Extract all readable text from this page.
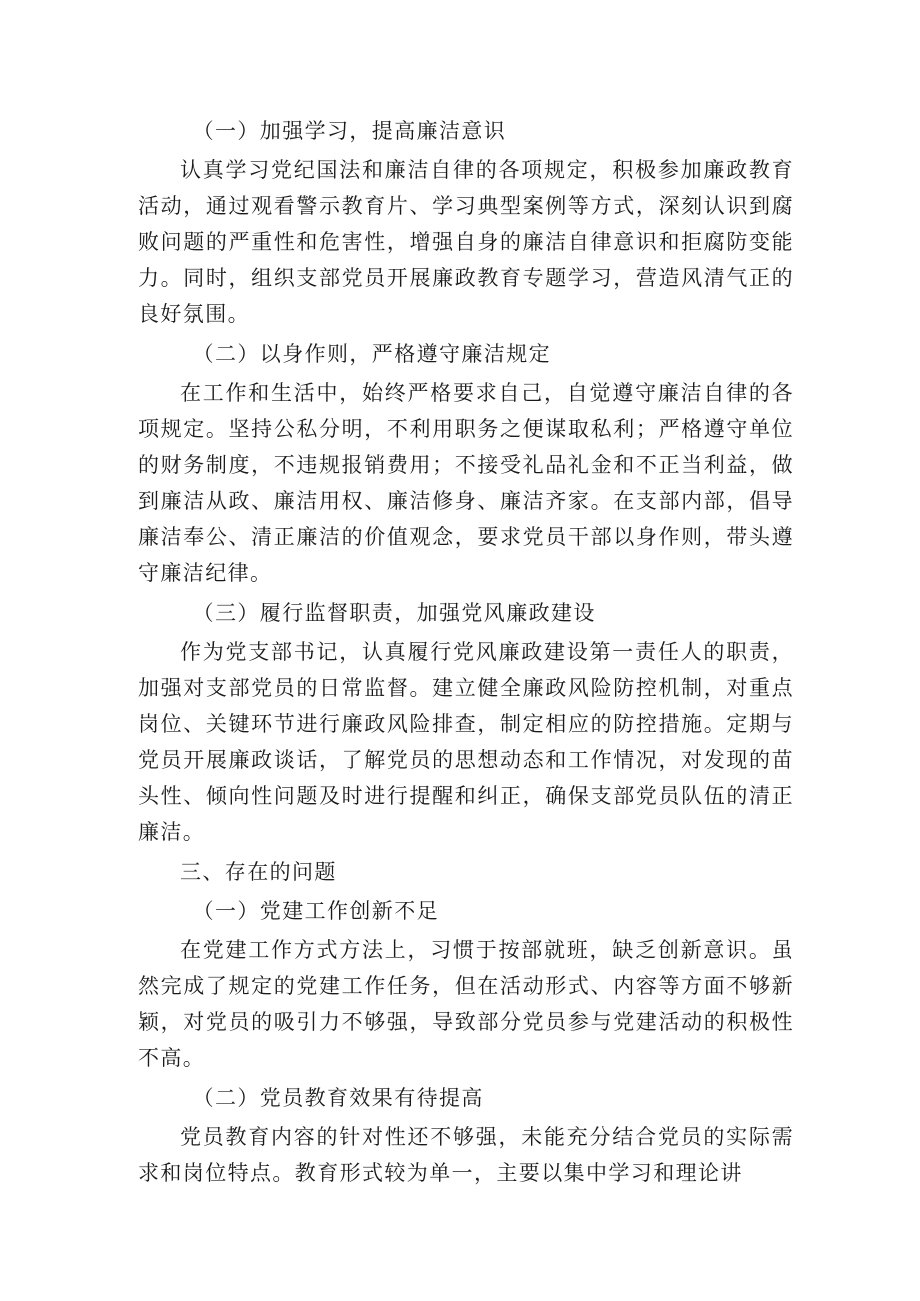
（一）加强学习，提高廉洁意识

认真学习党纪国法和廉洁自律的各项规定，积极参加廉政教育活动，通过观看警示教育片、学习典型案例等方式，深刻认识到腐败问题的严重性和危害性，增强自身的廉洁自律意识和拒腐防变能力。同时，组织支部党员开展廉政教育专题学习，营造风清气正的良好氛围。

（二）以身作则，严格遵守廉洁规定

在工作和生活中，始终严格要求自己，自觉遵守廉洁自律的各项规定。坚持公私分明，不利用职务之便谋取私利；严格遵守单位的财务制度，不违规报销费用；不接受礼品礼金和不正当利益，做到廉洁从政、廉洁用权、廉洁修身、廉洁齐家。在支部内部，倡导廉洁奉公、清正廉洁的价值观念，要求党员干部以身作则，带头遵守廉洁纪律。

（三）履行监督职责，加强党风廉政建设

作为党支部书记，认真履行党风廉政建设第一责任人的职责，加强对支部党员的日常监督。建立健全廉政风险防控机制，对重点岗位、关键环节进行廉政风险排查，制定相应的防控措施。定期与党员开展廉政谈话，了解党员的思想动态和工作情况，对发现的苗头性、倾向性问题及时进行提醒和纠正，确保支部党员队伍的清正廉洁。

三、存在的问题

（一）党建工作创新不足

在党建工作方式方法上，习惯于按部就班，缺乏创新意识。虽然完成了规定的党建工作任务，但在活动形式、内容等方面不够新颖，对党员的吸引力不够强，导致部分党员参与党建活动的积极性不高。

（二）党员教育效果有待提高

党员教育内容的针对性还不够强，未能充分结合党员的实际需求和岗位特点。教育形式较为单一，主要以集中学习和理论讲
